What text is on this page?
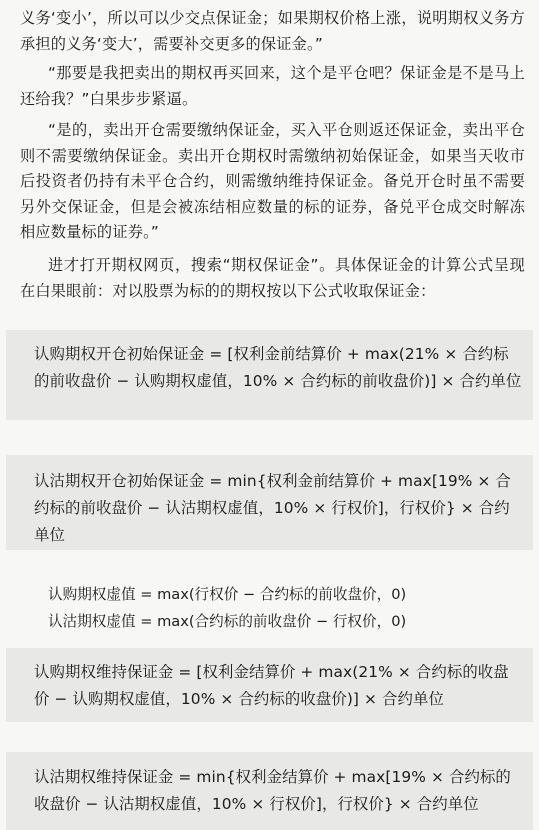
义务‘变小’，所以可以少交点保证金；如果期权价格上涨，说明期权义务方承担的义务‘变大’，需要补交更多的保证金。”
“那要是我把卖出的期权再买回来，这个是平仓吧？保证金是不是马上还给我？”白果步步紧逼。
“是的，卖出开仓需要缴纳保证金，买入平仓则返还保证金，卖出平仓则不需要缴纳保证金。卖出开仓期权时需缴纳初始保证金，如果当天收市后投资者仍持有未平仓合约，则需缴纳维持保证金。备兑开仓时虽不需要另外交保证金，但是会被冻结相应数量的标的证券，备兑平仓成交时解冻相应数量标的证券。”
进才打开期权网页，搜索“期权保证金”。具体保证金的计算公式呈现在白果眼前：对以股票为标的的期权按以下公式收取保证金：
认购期权开仓初始保证金 = [权利金前结算价 + max(21% × 合约标的前收盘价 − 认购期权虚值，10% × 合约标的前收盘价)] × 合约单位
认沽期权开仓初始保证金 = min{权利金前结算价 + max[19% × 合约标的前收盘价 − 认沽期权虚值，10% × 行权价]，行权价} × 合约单位
认购期权虚值 = max(行权价 − 合约标的前收盘价，0)
认沽期权虚值 = max(合约标的前收盘价 − 行权价，0)
认购期权维持保证金 = [权利金结算价 + max(21% × 合约标的收盘价 − 认购期权虚值，10% × 合约标的收盘价)] × 合约单位
认沽期权维持保证金 = min{权利金结算价 + max[19% × 合约标的收盘价 − 认沽期权虚值，10% × 行权价]，行权价} × 合约单位
